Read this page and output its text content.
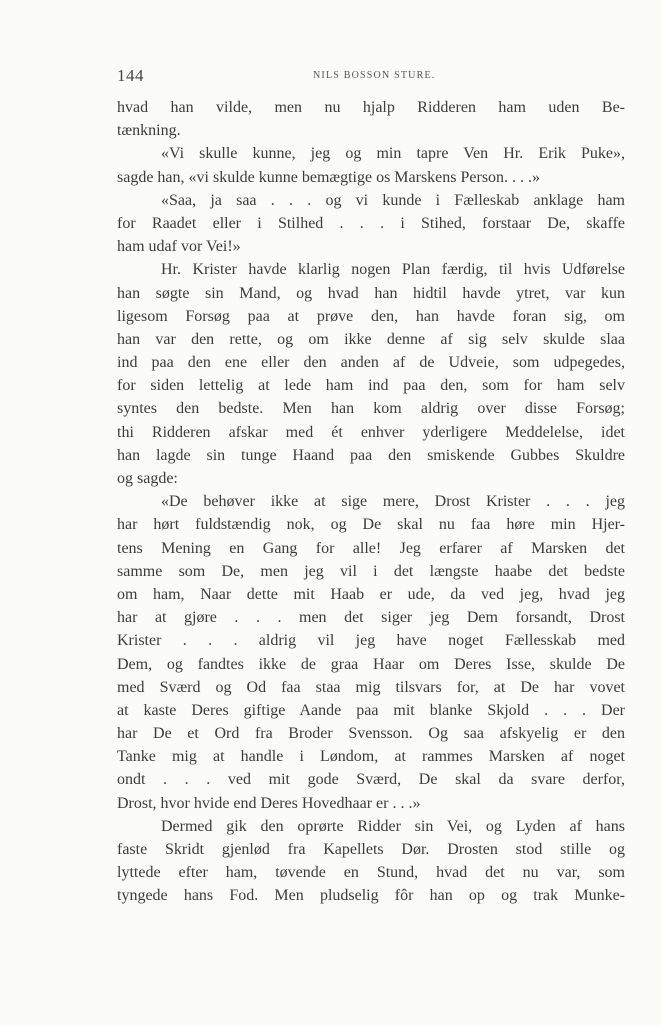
144	NILS BOSSON STURE.
hvad han vilde, men nu hjalp Ridderen ham uden Be-
tænkning.
«Vi skulle kunne, jeg og min tapre Ven Hr. Erik Puke»,
sagde han, «vi skulde kunne bemægtige os Marskens Person. . . .»
«Saa, ja saa . . . og vi kunde i Fælleskab anklage ham
for Raadet eller i Stilhed . . . i Stihed, forstaar De, skaffe
ham udaf vor Vei!»
Hr. Krister havde klarlig nogen Plan færdig, til hvis Udførelse
han søgte sin Mand, og hvad han hidtil havde ytret, var kun
ligesom Forsøg paa at prøve den, han havde foran sig, om
han var den rette, og om ikke denne af sig selv skulde slaa
ind paa den ene eller den anden af de Udveie, som udpegedes,
for siden lettelig at lede ham ind paa den, som for ham selv
syntes den bedste. Men han kom aldrig over disse Forsøg;
thi Ridderen afskar med ét enhver yderligere Meddelelse, idet
han lagde sin tunge Haand paa den smiskende Gubbes Skuldre
og sagde:
«De behøver ikke at sige mere, Drost Krister . . . jeg
har hørt fuldstændig nok, og De skal nu faa høre min Hjer-
tens Mening en Gang for alle! Jeg erfarer af Marsken det
samme som De, men jeg vil i det længste haabe det bedste
om ham, Naar dette mit Haab er ude, da ved jeg, hvad jeg
har at gjøre . . . men det siger jeg Dem forsandt, Drost
Krister . . . aldrig vil jeg have noget Fællesskab med
Dem, og fandtes ikke de graa Haar om Deres Isse, skulde De
med Sværd og Od faa staa mig tilsvars for, at De har vovet
at kaste Deres giftige Aande paa mit blanke Skjold . . . Der
har De et Ord fra Broder Svensson. Og saa afskyelig er den
Tanke mig at handle i Løndom, at rammes Marsken af noget
ondt . . . ved mit gode Sværd, De skal da svare derfor,
Drost, hvor hvide end Deres Hovedhaar er . . .»
Dermed gik den oprørte Ridder sin Vei, og Lyden af hans
faste Skridt gjenlød fra Kapellets Dør. Drosten stod stille og
lyttede efter ham, tøvende en Stund, hvad det nu var, som
tyngede hans Fod. Men pludselig fôr han op og trak Munke-
